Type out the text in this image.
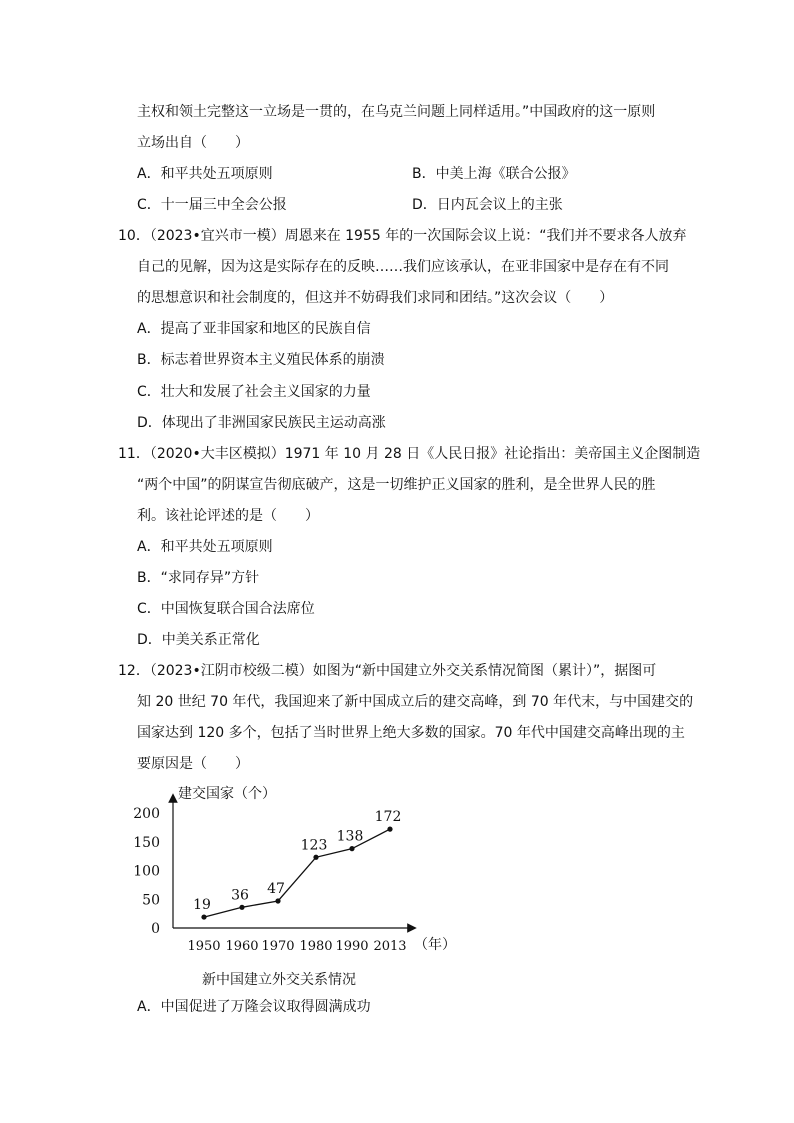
主权和领土完整这一立场是一贯的，在乌克兰问题上同样适用。”中国政府的这一原则
立场出自（　　）
A．和平共处五项原则	B．中美上海《联合公报》
C．十一届三中全会公报	D．日内瓦会议上的主张
10．（2023•宜兴市一模）周恩来在 1955 年的一次国际会议上说：“我们并不要求各人放弃
自己的见解，因为这是实际存在的反映……我们应该承认，在亚非国家中是存在有不同
的思想意识和社会制度的，但这并不妨碍我们求同和团结。”这次会议（　　）
A．提高了亚非国家和地区的民族自信
B．标志着世界资本主义殖民体系的崩溃
C．壮大和发展了社会主义国家的力量
D．体现出了非洲国家民族民主运动高涨
11．（2020•大丰区模拟）1971 年 10 月 28 日《人民日报》社论指出：美帝国主义企图制造
“两个中国”的阴谋宣告彻底破产，这是一切维护正义国家的胜利，是全世界人民的胜
利。该社论评述的是（　　）
A．和平共处五项原则
B．“求同存异”方针
C．中国恢复联合国合法席位
D．中美关系正常化
12．（2023•江阴市校级二模）如图为“新中国建立外交关系情况简图（累计）”，据图可
知 20 世纪 70 年代，我国迎来了新中国成立后的建交高峰，到 70 年代末，与中国建交的
国家达到 120 多个，包括了当时世界上绝大多数的国家。70 年代中国建交高峰出现的主
要原因是（　　）
建交国家（个）
0
50
100
150
200
1950 1960 1970 1980 1990 2013 （年）
19
36 47
123
138
172
新中国建立外交关系情况
A．中国促进了万隆会议取得圆满成功
